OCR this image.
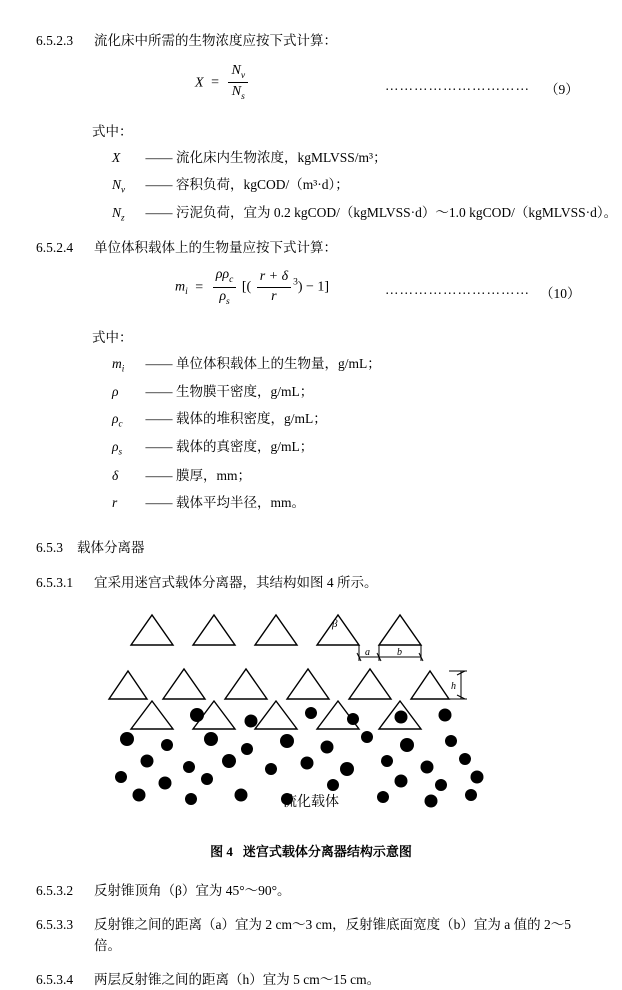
6.5.2.3	流化床中所需的生物浓度应按下式计算：
$X = \frac{N_v}{N_s}$	………………………… （9）
式中：
X —— 流化床内生物浓度，kgMLVSS/m³；
$N_v$ —— 容积负荷，kgCOD/（m³·d）；
$N_z$ —— 污泥负荷，宜为 0.2 kgCOD/（kgMLVSS·d）～1.0 kgCOD/（kgMLVSS·d）。
6.5.2.4	单位体积载体上的生物量应按下式计算：
$m_i = \frac{\rho\rho_c}{\rho_s}$ [( $\frac{r + \delta}{r} ^3) - 1$]	………………………… （10）
式中：
$m_i$ —— 单位体积载体上的生物量，g/mL；
ρ —— 生物膜干密度，g/mL；
$\rho_c$ —— 载体的堆积密度，g/mL；
$\rho_s$ —— 载体的真密度，g/mL；
δ —— 膜厚，mm；
r —— 载体平均半径，mm。
6.5.3 载体分离器
6.5.3.1	宜采用迷宫式载体分离器，其结构如图 4 所示。
β
a	b
h
流化载体
图 4 迷宫式载体分离器结构示意图
6.5.3.2	反射锥顶角（β）宜为 45°～90°。
6.5.3.3	反射锥之间的距离（a）宜为 2 cm～3 cm，反射锥底面宽度（b）宜为 a 值的 2～5 倍。
6.5.3.4	两层反射锥之间的距离（h）宜为 5 cm～15 cm。
